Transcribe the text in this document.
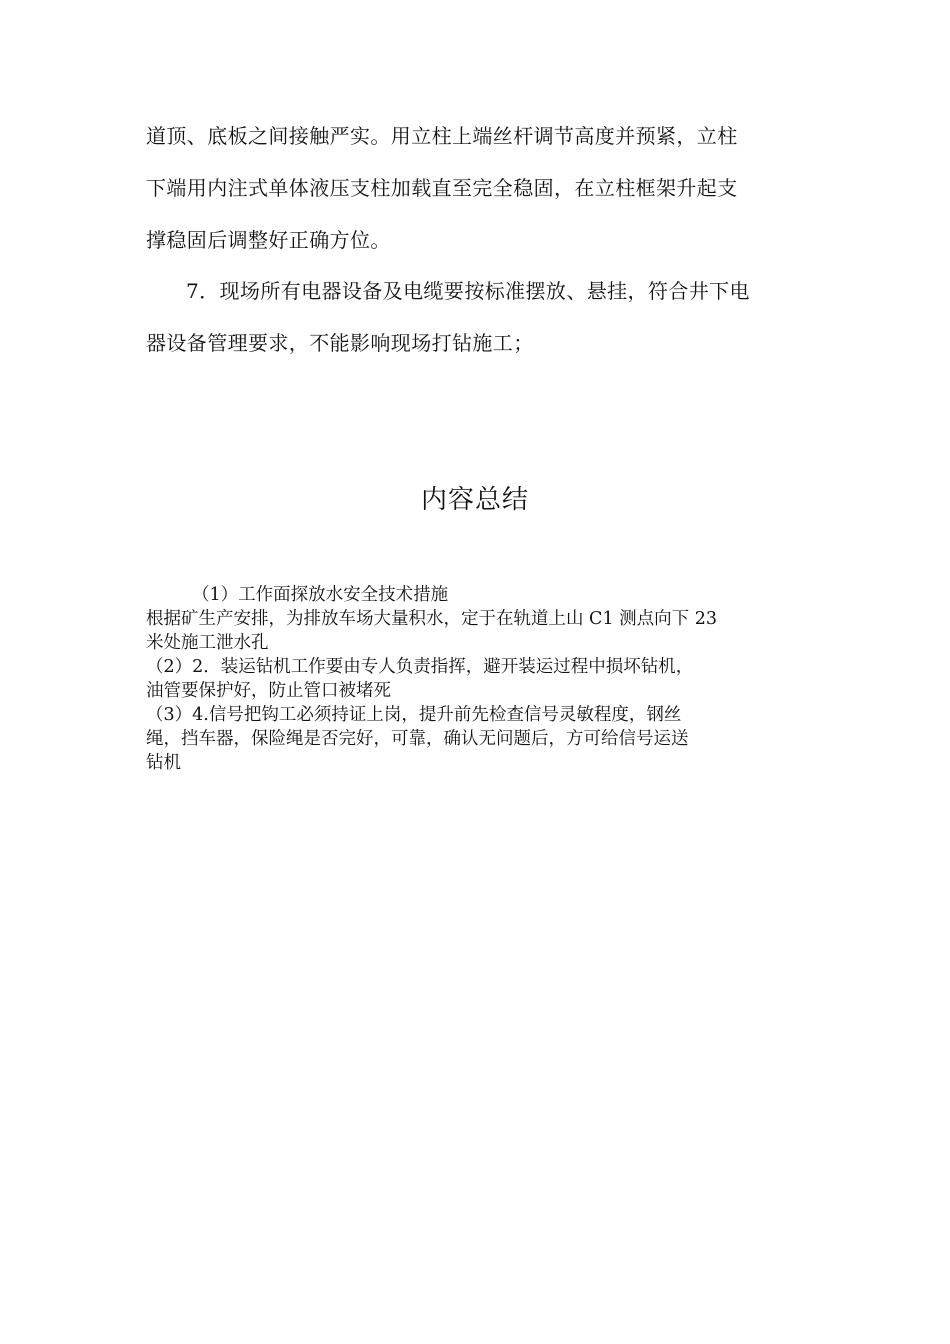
道顶、底板之间接触严实。用立柱上端丝杆调节高度并预紧，立柱
下端用内注式单体液压支柱加载直至完全稳固，在立柱框架升起支
撑稳固后调整好正确方位。
7．现场所有电器设备及电缆要按标准摆放、悬挂，符合井下电
器设备管理要求，不能影响现场打钻施工；
内容总结
（1）工作面探放水安全技术措施
根据矿生产安排，为排放车场大量积水，定于在轨道上山 C1 测点向下 23
米处施工泄水孔
（2）2．装运钻机工作要由专人负责指挥，避开装运过程中损坏钻机，
油管要保护好，防止管口被堵死
（3）4.信号把钩工必须持证上岗，提升前先检查信号灵敏程度，钢丝
绳，挡车器，保险绳是否完好，可靠，确认无问题后，方可给信号运送
钻机
